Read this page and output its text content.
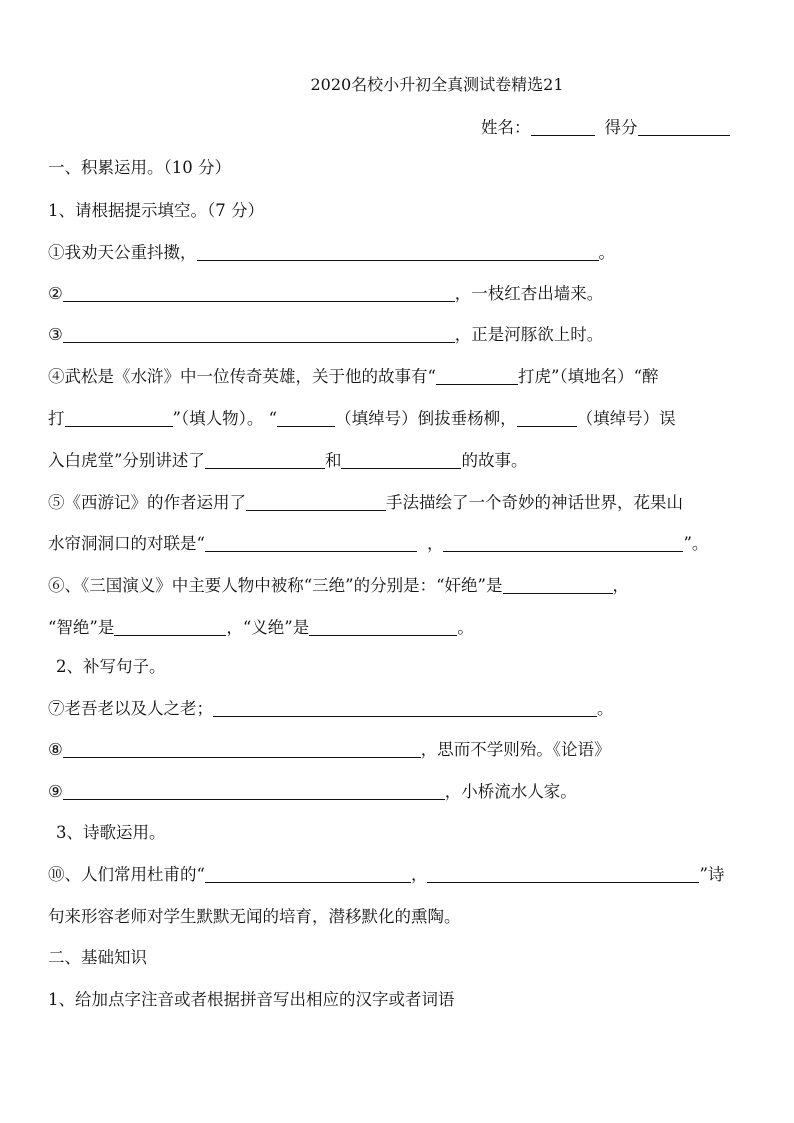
2020名校小升初全真测试卷精选21
姓名：	得分
一、积累运用。（10 分）
1、请根据提示填空。（7 分）
①我劝天公重抖擞，	。
②	，一枝红杏出墙来。
③	，正是河豚欲上时。
④武松是《水浒》中一位传奇英雄，关于他的故事有“	打虎”（填地名）“醉
打	”（填人物）。 “	（填绰号）倒拔垂杨柳，	（填绰号）误
入白虎堂”分别讲述了	和	的故事。
⑤《西游记》的作者运用了	手法描绘了一个奇妙的神话世界，花果山
水帘洞洞口的对联是“	，	”。
⑥、《三国演义》中主要人物中被称“三绝”的分别是：“奸绝”是	，
“智绝”是	，“义绝”是	。
2、补写句子。
⑦老吾老以及人之老；	。
⑧	，思而不学则殆。《论语》
⑨	，小桥流水人家。
3、诗歌运用。
⑩、人们常用杜甫的“	，	”诗
句来形容老师对学生默默无闻的培育，潜移默化的熏陶。
二、基础知识
1、给加点字注音或者根据拼音写出相应的汉字或者词语
